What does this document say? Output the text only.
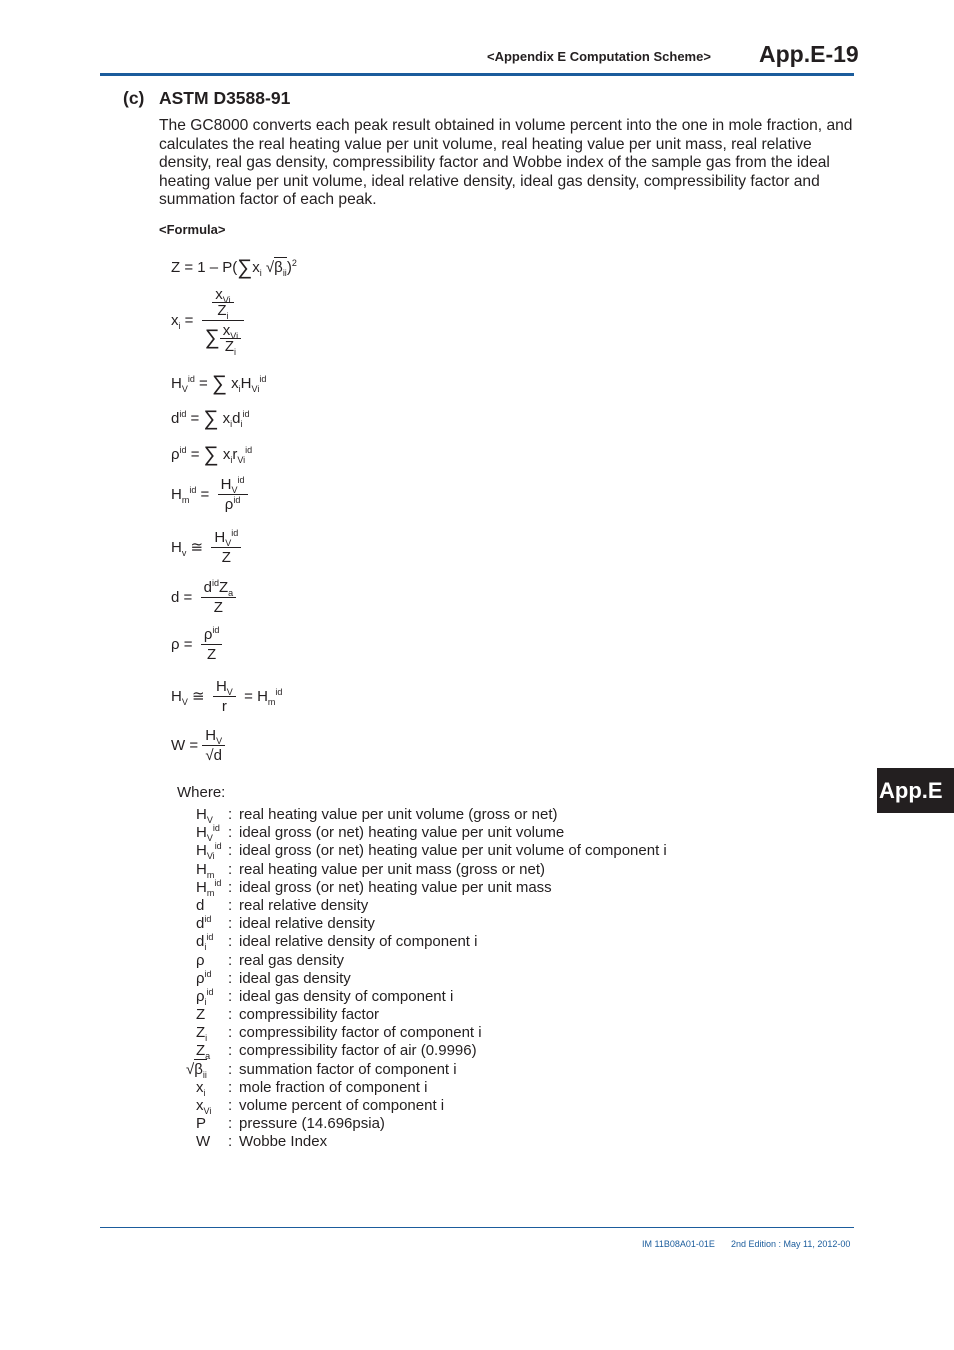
<Appendix E Computation Scheme> App.E-19
(c) ASTM D3588-91
The GC8000 converts each peak result obtained in volume percent into the one in mole fraction, and calculates the real heating value per unit volume, real heating value per unit mass, real relative density, real gas density, compressibility factor and Wobbe index of the sample gas from the ideal heating value per unit volume, ideal relative density, ideal gas density, compressibility factor and summation factor of each peak.
<Formula>
$Z = 1 - P(\sum x_i$ $√\beta_{ii})^2$
$x_i = \frac{\frac{x_{Vi}}{Z_i}}{\sum \frac{x_{Vi}}{Z_i}}$
$H_V^{id}$ = ∑ $x_iH_{Vi}^{id}$
$d^{id}$ = ∑ $x_id_i^{id}$
$\rho^{id}$ = ∑ $x_ir_{Vi}^{id}$
$H_m^{id} = \frac{H_V^{id}}{\rho^{id}}$
$H_v$ ≅ $\frac{H_V^{id}}{Z}$
$d = \frac{d^{id}Z_a}{Z}$
$\rho = \frac{\rho^{id}}{Z}$
$H_V$ ≅ $\frac{H_V}{r} = H_m^{id}$
$W = \frac{H_V}{√d}$
Where:
$H_V$ : real heating value per unit volume (gross or net)
$H_V^{id}$ : ideal gross (or net) heating value per unit volume
$H_{Vi}^{id}$ : ideal gross (or net) heating value per unit volume of component i
$H_m$ : real heating value per unit mass (gross or net)
$H_m^{id}$ : ideal gross (or net) heating value per unit mass
d : real relative density
$d^{id}$ : ideal relative density
$d_i^{id}$ : ideal relative density of component i
ρ : real gas density
$\rho^{id}$ : ideal gas density
$\rho_i^{id}$ : ideal gas density of component i
Z : compressibility factor
$Z_i$ : compressibility factor of component i
$Z_a$ : compressibility factor of air (0.9996)
$√\beta_{ii}$ : summation factor of component i
$x_i$ : mole fraction of component i
$x_{Vi}$ : volume percent of component i
P : pressure (14.696psia)
W : Wobbe Index
App.E
IM 11B08A01-01E 2nd Edition : May 11, 2012-00
